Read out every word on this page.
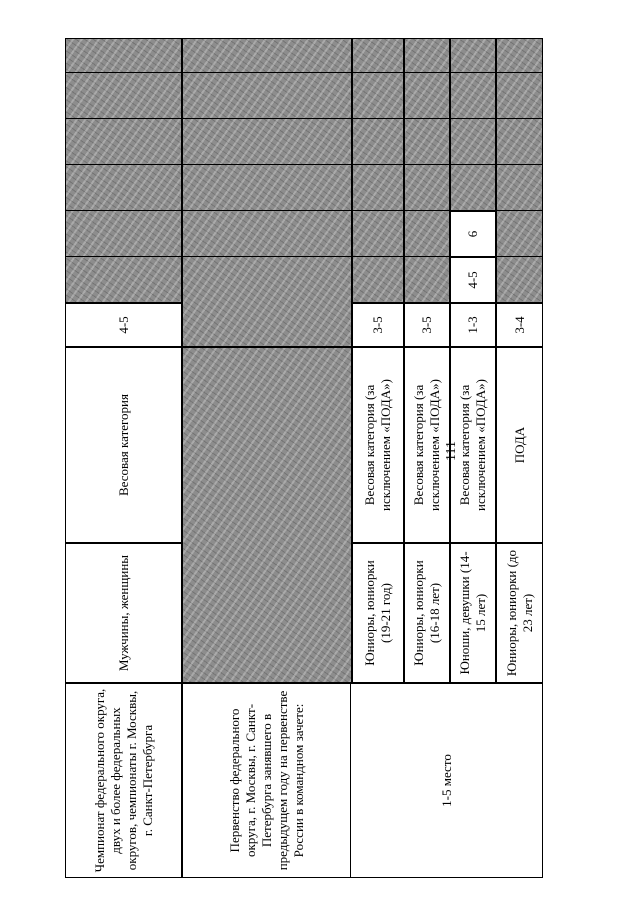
111
Чемпионат федерального округа, двух и более федеральных округов, чемпионаты г. Москвы, г. Санкт-Петербурга
Мужчины, женщины
Весовая категория
4-5
Первенство федерального округа, г. Москвы, г. Санкт-Петербурга занявшего в предыдущем году на первенстве России в командном зачете:	1-5 место
Юниоры, юниорки (19-21 год)
Весовая категория (за исключением «ПОДА»)
3-5
Юниоры, юниорки (16-18 лет)
Весовая категория (за исключением «ПОДА»)
3-5
Юноши, девушки (14-15 лет)
Весовая категория (за исключением «ПОДА»)
1-3
4-5
6
Юниоры, юниорки (до 23 лет)
ПОДА
3-4
